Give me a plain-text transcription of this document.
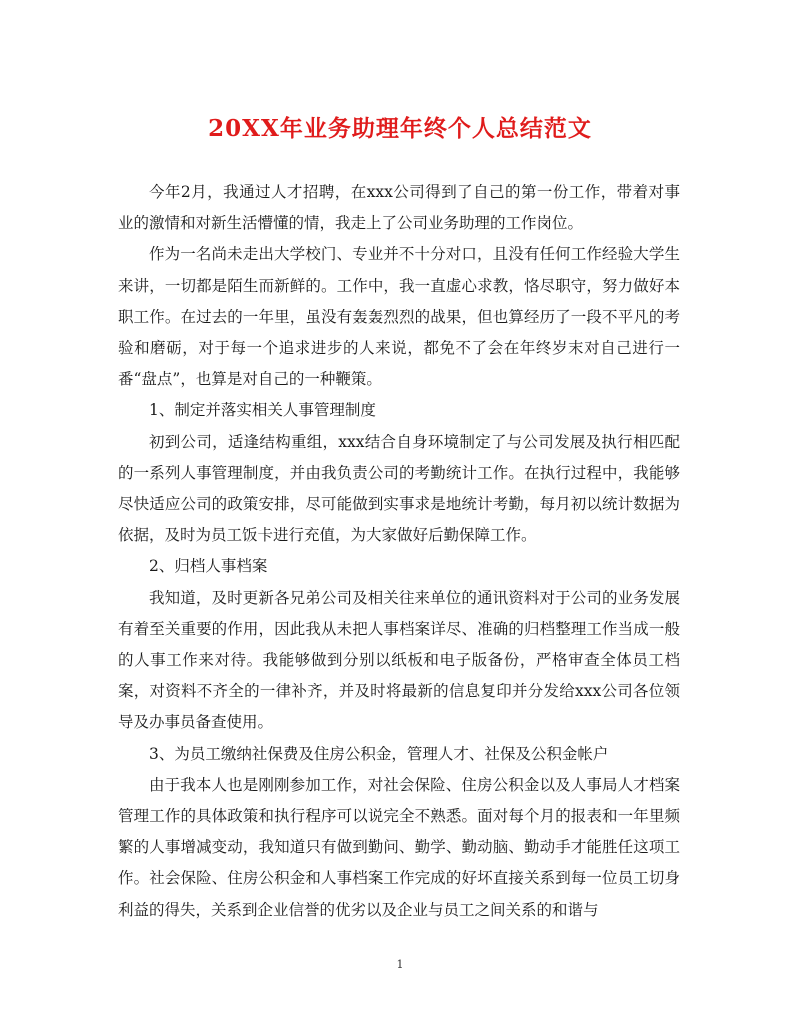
20XX年业务助理年终个人总结范文

今年2月，我通过人才招聘，在xxx公司得到了自己的第一份工作，带着对事业的激情和对新生活懵懂的情，我走上了公司业务助理的工作岗位。

作为一名尚未走出大学校门、专业并不十分对口，且没有任何工作经验大学生来讲，一切都是陌生而新鲜的。工作中，我一直虚心求教，恪尽职守，努力做好本职工作。在过去的一年里，虽没有轰轰烈烈的战果，但也算经历了一段不平凡的考验和磨砺，对于每一个追求进步的人来说，都免不了会在年终岁末对自己进行一番“盘点”，也算是对自己的一种鞭策。

1、制定并落实相关人事管理制度

初到公司，适逢结构重组，xxx结合自身环境制定了与公司发展及执行相匹配的一系列人事管理制度，并由我负责公司的考勤统计工作。在执行过程中，我能够尽快适应公司的政策安排，尽可能做到实事求是地统计考勤，每月初以统计数据为依据，及时为员工饭卡进行充值，为大家做好后勤保障工作。

2、归档人事档案

我知道，及时更新各兄弟公司及相关往来单位的通讯资料对于公司的业务发展有着至关重要的作用，因此我从未把人事档案详尽、准确的归档整理工作当成一般的人事工作来对待。我能够做到分别以纸板和电子版备份，严格审查全体员工档案，对资料不齐全的一律补齐，并及时将最新的信息复印并分发给xxx公司各位领导及办事员备查使用。

3、为员工缴纳社保费及住房公积金，管理人才、社保及公积金帐户

由于我本人也是刚刚参加工作，对社会保险、住房公积金以及人事局人才档案管理工作的具体政策和执行程序可以说完全不熟悉。面对每个月的报表和一年里频繁的人事增减变动，我知道只有做到勤问、勤学、勤动脑、勤动手才能胜任这项工作。社会保险、住房公积金和人事档案工作完成的好坏直接关系到每一位员工切身利益的得失，关系到企业信誉的优劣以及企业与员工之间关系的和谐与

1
